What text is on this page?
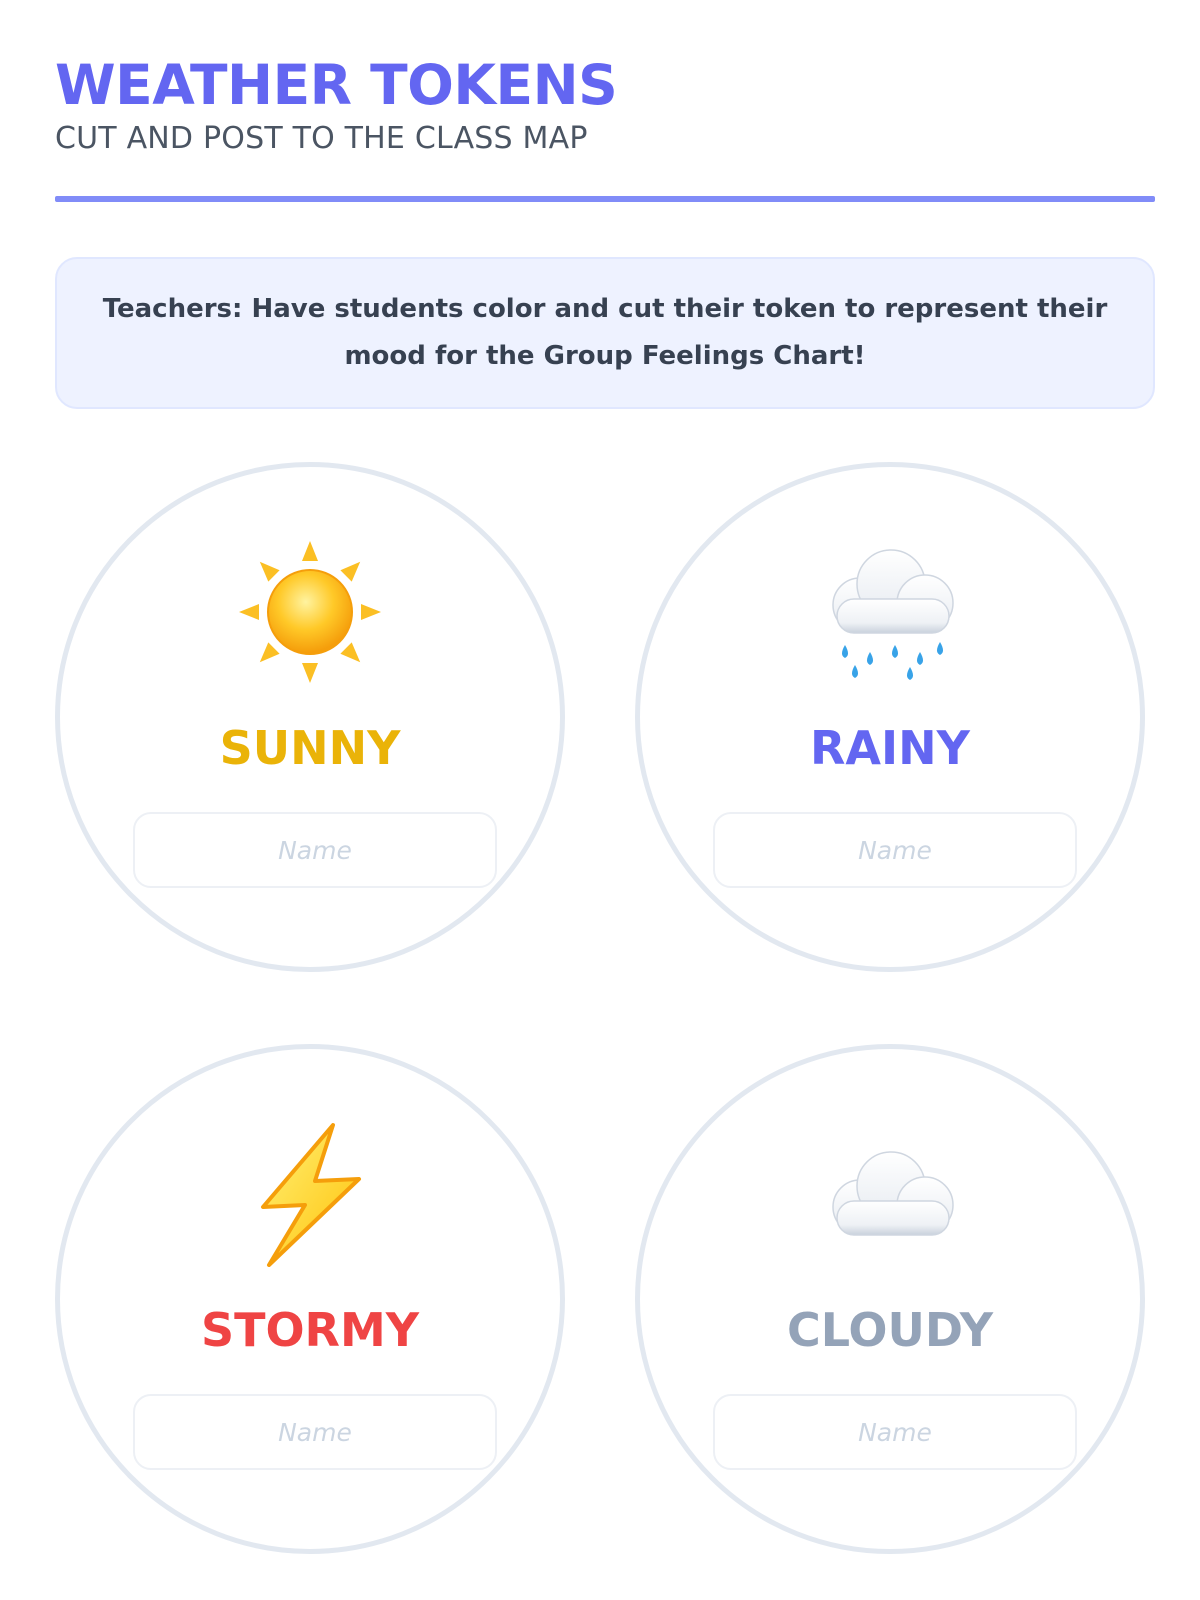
WEATHER TOKENS

CUT AND POST TO THE CLASS MAP

Teachers: Have students color and cut their token to represent their mood for the Group Feelings Chart!
SUNNY
Name	RAINY
Name
STORMY
Name	CLOUDY
Name
